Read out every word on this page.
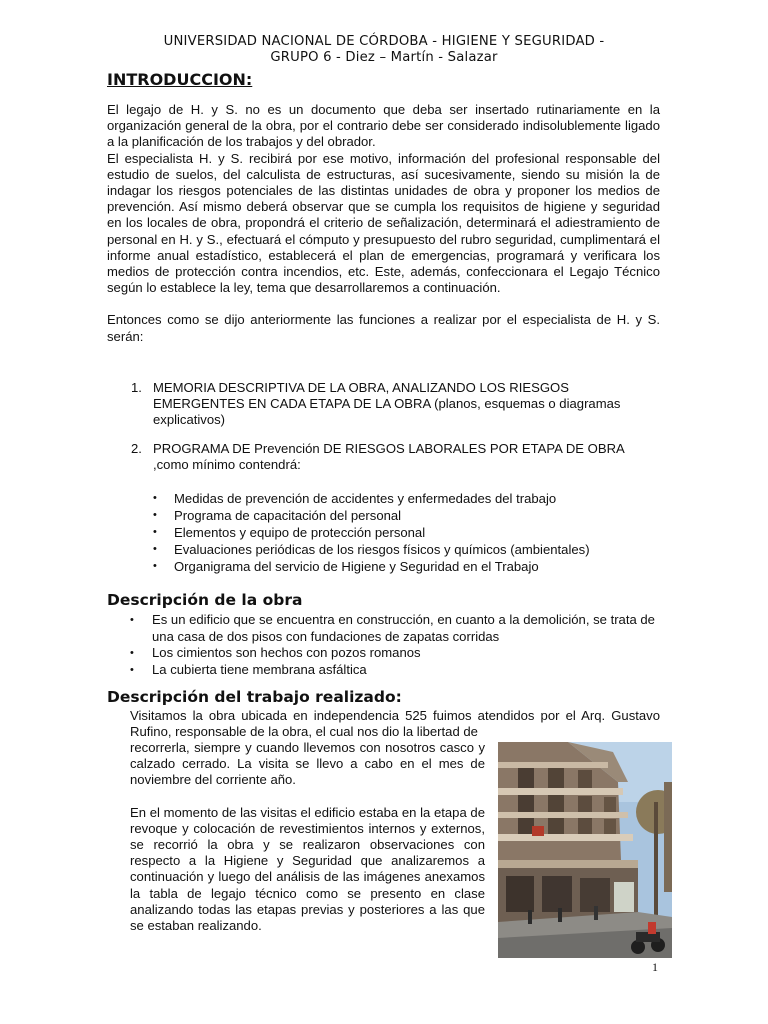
UNIVERSIDAD NACIONAL DE CÓRDOBA - HIGIENE Y SEGURIDAD -
GRUPO 6 - Diez – Martín - Salazar
INTRODUCCION:

El legajo de H. y S. no es un documento que deba ser insertado rutinariamente en la organización general de la obra, por el contrario debe ser considerado indisolublemente ligado a la planificación de los trabajos y del obrador.

El especialista H. y S. recibirá por ese motivo, información del profesional responsable del estudio de suelos, del calculista de estructuras, así sucesivamente, siendo su misión la de indagar los riesgos potenciales de las distintas unidades de obra y proponer los medios de prevención. Así mismo deberá observar que se cumpla los requisitos de higiene y seguridad en los locales de obra, propondrá el criterio de señalización, determinará el adiestramiento de personal en H. y S., efectuará el cómputo y presupuesto del rubro seguridad, cumplimentará el informe anual estadístico, establecerá el plan de emergencias, programará y verificara los medios de protección contra incendios, etc. Este, además, confeccionara el Legajo Técnico según lo establece la ley, tema que desarrollaremos a continuación.

Entonces como se dijo anteriormente las funciones a realizar por el especialista de H. y S. serán:

1. MEMORIA DESCRIPTIVA DE LA OBRA, ANALIZANDO LOS RIESGOS EMERGENTES EN CADA ETAPA DE LA OBRA (planos, esquemas o diagramas explicativos)
2. PROGRAMA DE Prevención DE RIESGOS LABORALES POR ETAPA DE OBRA ,como mínimo contendrá:
• Medidas de prevención de accidentes y enfermedades del trabajo
• Programa de capacitación del personal
• Elementos y equipo de protección personal
• Evaluaciones periódicas de los riesgos físicos y químicos (ambientales)
• Organigrama del servicio de Higiene y Seguridad en el Trabajo
Descripción de la obra
• Es un edificio que se encuentra en construcción, en cuanto a la demolición, se trata de una casa de dos pisos con fundaciones de zapatas corridas
• Los cimientos son hechos con pozos romanos
• La cubierta tiene membrana asfáltica
Descripción del trabajo realizado:
Visitamos la obra ubicada en independencia 525 fuimos atendidos por el Arq. Gustavo Rufino, responsable de la obra, el cual nos dio la libertad de

recorrerla, siempre y cuando llevemos con nosotros casco y calzado cerrado. La visita se llevo a cabo en el mes de noviembre del corriente año.

En el momento de las visitas el edificio estaba en la etapa de revoque y colocación de revestimientos internos y externos, se recorrió la obra y se realizaron observaciones con respecto a la Higiene y Seguridad que analizaremos a continuación y luego del análisis de las imágenes anexamos la tabla de legajo técnico como se presento en clase analizando todas las etapas previas y posteriores a las que se estaban realizando.

1
